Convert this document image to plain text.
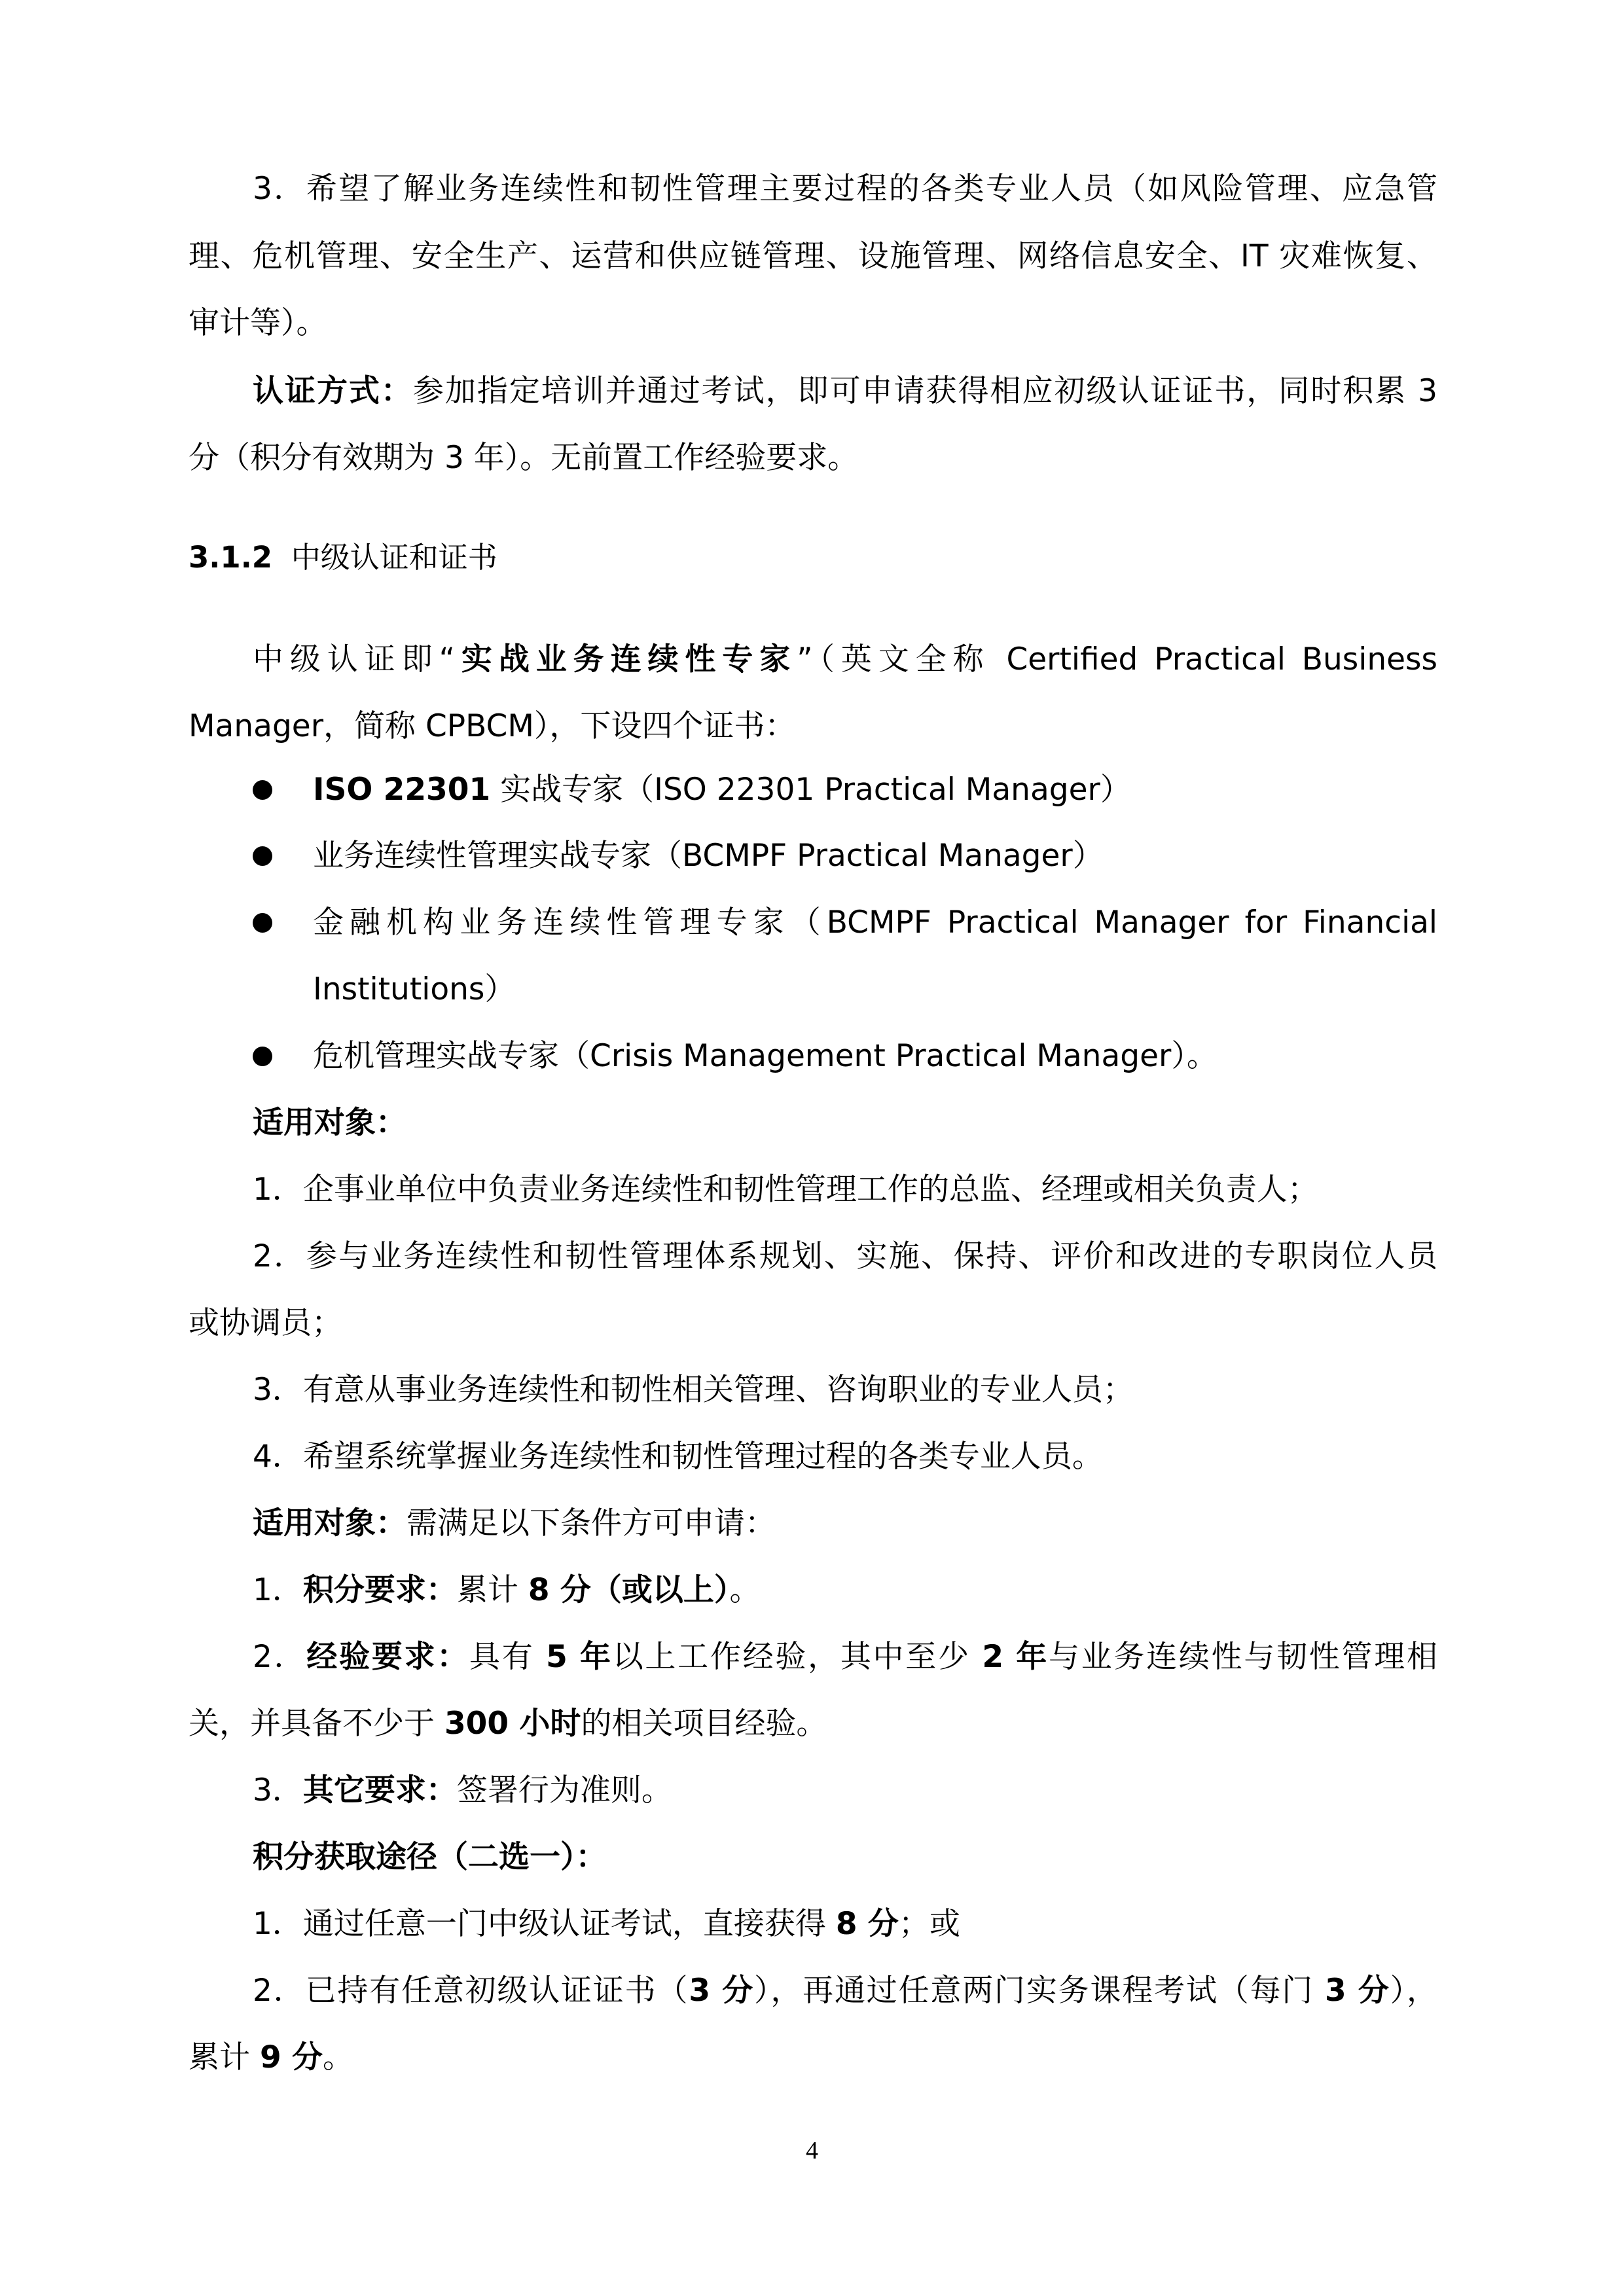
3．希望了解业务连续性和韧性管理主要过程的各类专业人员（如风险管理、应急管
理、危机管理、安全生产、运营和供应链管理、设施管理、网络信息安全、IT 灾难恢复、
审计等）。
认证方式：参加指定培训并通过考试，即可申请获得相应初级认证证书，同时积累 3
分（积分有效期为 3 年）。无前置工作经验要求。
3.1.2 中级认证和证书
中级认证即“实战业务连续性专家”（英文全称 Certified Practical Business
Manager，简称 CPBCM），下设四个证书：
ISO 22301 实战专家（ISO 22301 Practical Manager）
业务连续性管理实战专家（BCMPF Practical Manager）
金融机构业务连续性管理专家（BCMPF Practical Manager for Financial
Institutions）
危机管理实战专家（Crisis Management Practical Manager）。
适用对象：
1．企事业单位中负责业务连续性和韧性管理工作的总监、经理或相关负责人；
2．参与业务连续性和韧性管理体系规划、实施、保持、评价和改进的专职岗位人员
或协调员；
3．有意从事业务连续性和韧性相关管理、咨询职业的专业人员；
4．希望系统掌握业务连续性和韧性管理过程的各类专业人员。
适用对象：需满足以下条件方可申请：
1．积分要求：累计 8 分（或以上）。
2．经验要求：具有 5 年以上工作经验，其中至少 2 年与业务连续性与韧性管理相
关，并具备不少于 300 小时的相关项目经验。
3．其它要求：签署行为准则。
积分获取途径（二选一）：
1．通过任意一门中级认证考试，直接获得 8 分；或
2．已持有任意初级认证证书（3 分），再通过任意两门实务课程考试（每门 3 分），
累计 9 分。
4
